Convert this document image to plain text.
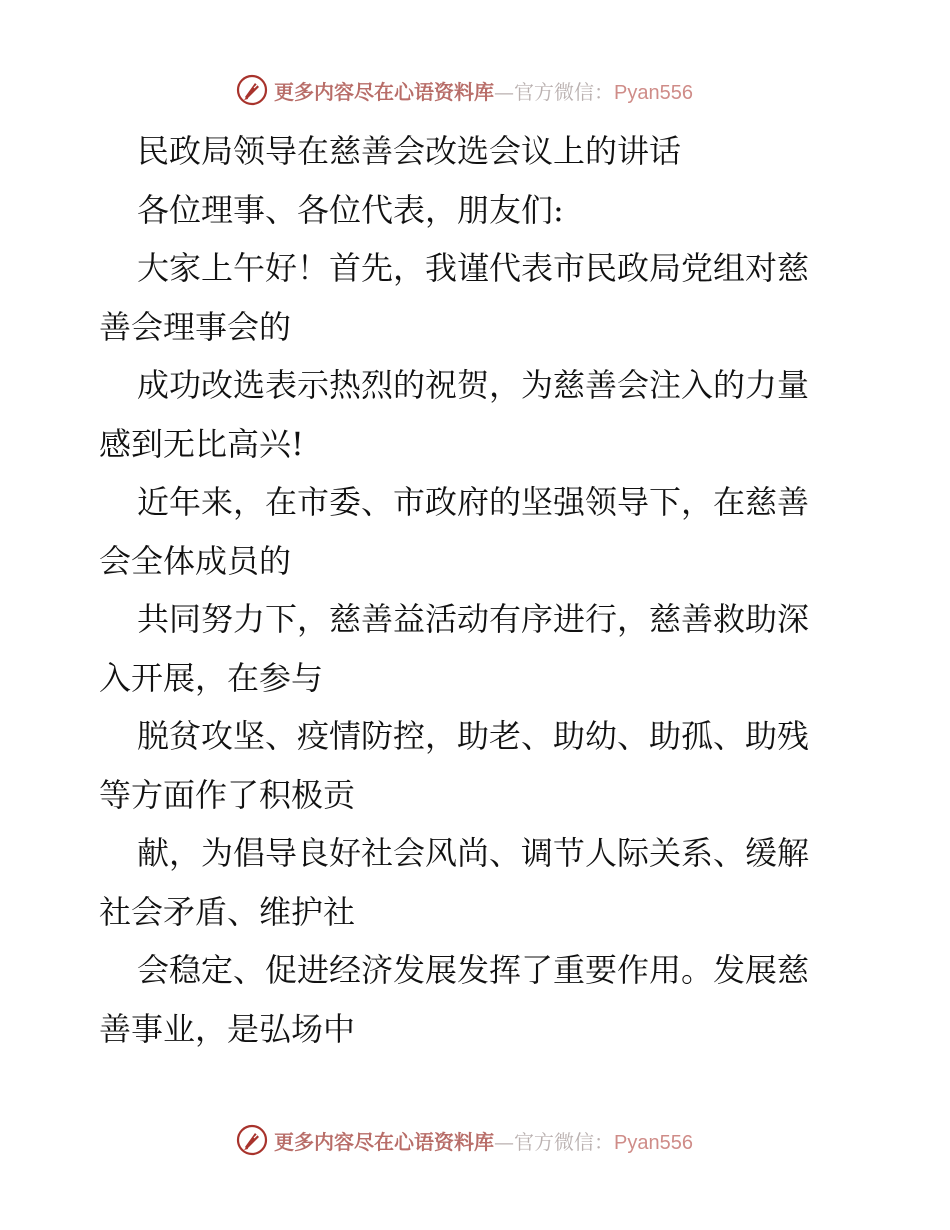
更多内容尽在心语资料库—官方微信：Pyan556
民政局领导在慈善会改选会议上的讲话
各位理事、各位代表，朋友们:
大家上午好！首先，我谨代表市民政局党组对慈
善会理事会的
成功改选表示热烈的祝贺，为慈善会注入的力量
感到无比高兴!
近年来，在市委、市政府的坚强领导下，在慈善
会全体成员的
共同努力下，慈善益活动有序进行，慈善救助深
入开展，在参与
脱贫攻坚、疫情防控，助老、助幼、助孤、助残
等方面作了积极贡
献，为倡导良好社会风尚、调节人际关系、缓解
社会矛盾、维护社
会稳定、促进经济发展发挥了重要作用。发展慈
善事业，是弘场中
更多内容尽在心语资料库—官方微信：Pyan556
